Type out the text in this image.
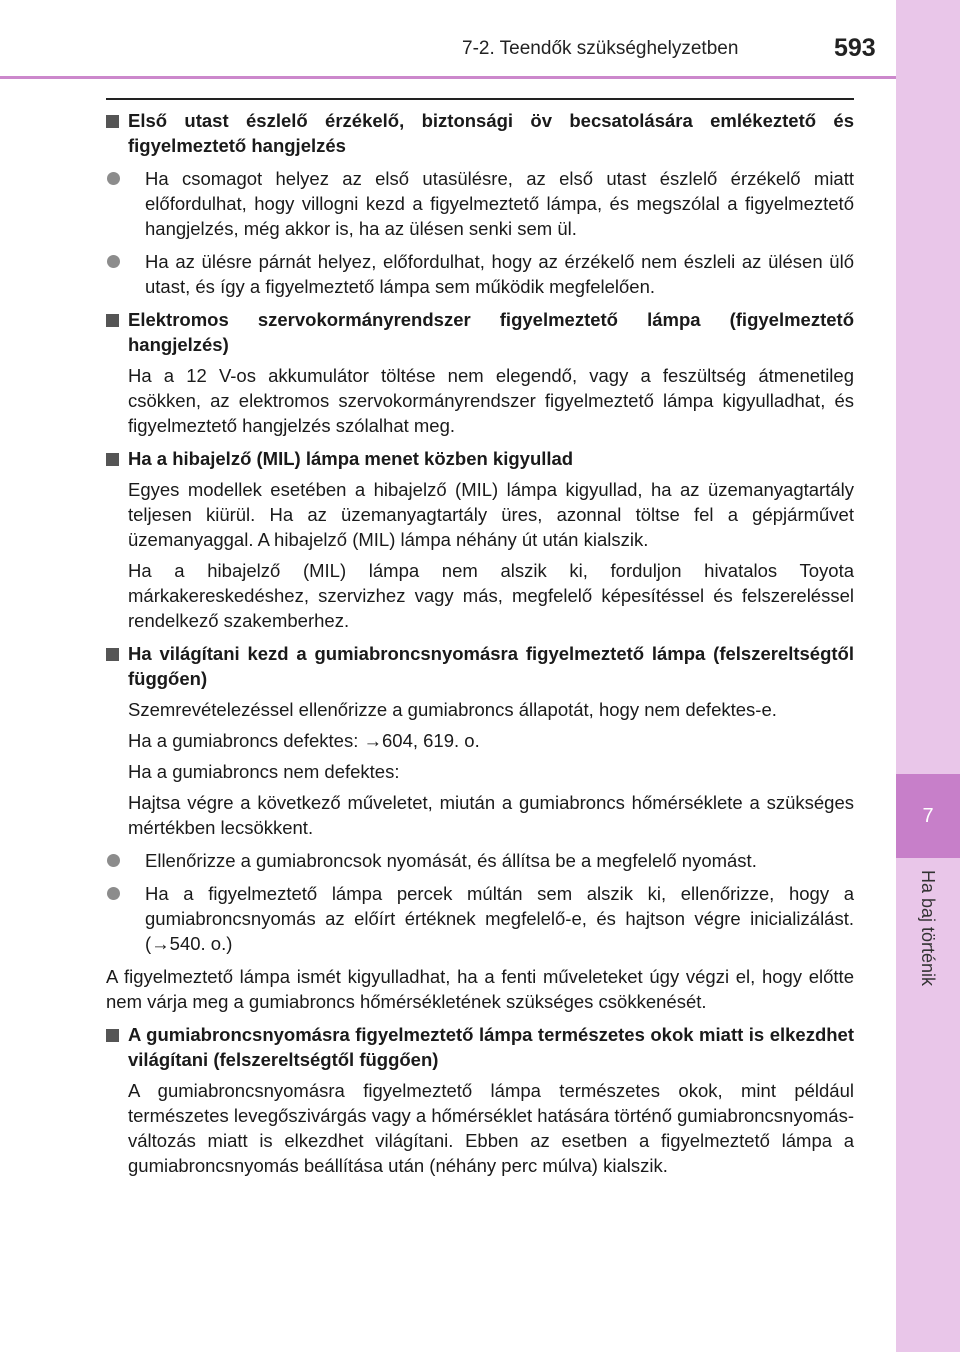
7-2. Teendők szükséghelyzetben	593
7
Ha baj történik
Első utast észlelő érzékelő, biztonsági öv becsatolására emlékeztető és figyelmeztető hangjelzés
Ha csomagot helyez az első utasülésre, az első utast észlelő érzékelő miatt előfordulhat, hogy villogni kezd a figyelmeztető lámpa, és megszólal a figyelmeztető hangjelzés, még akkor is, ha az ülésen senki sem ül.
Ha az ülésre párnát helyez, előfordulhat, hogy az érzékelő nem észleli az ülésen ülő utast, és így a figyelmeztető lámpa sem működik megfelelően.
Elektromos szervokormányrendszer figyelmeztető lámpa (figyelmeztető hangjelzés)
Ha a 12 V-os akkumulátor töltése nem elegendő, vagy a feszültség átmenetileg csökken, az elektromos szervokormányrendszer figyelmeztető lámpa kigyulladhat, és figyelmeztető hangjelzés szólalhat meg.
Ha a hibajelző (MIL) lámpa menet közben kigyullad
Egyes modellek esetében a hibajelző (MIL) lámpa kigyullad, ha az üzemanyagtartály teljesen kiürül. Ha az üzemanyagtartály üres, azonnal töltse fel a gépjárművet üzemanyaggal. A hibajelző (MIL) lámpa néhány út után kialszik.
Ha a hibajelző (MIL) lámpa nem alszik ki, forduljon hivatalos Toyota márkakereskedéshez, szervizhez vagy más, megfelelő képesítéssel és felszereléssel rendelkező szakemberhez.
Ha világítani kezd a gumiabroncsnyomásra figyelmeztető lámpa (felszereltségtől függően)
Szemrevételezéssel ellenőrizze a gumiabroncs állapotát, hogy nem defektes-e.
Ha a gumiabroncs defektes: →604, 619. o.
Ha a gumiabroncs nem defektes:
Hajtsa végre a következő műveletet, miután a gumiabroncs hőmérséklete a szükséges mértékben lecsökkent.
Ellenőrizze a gumiabroncsok nyomását, és állítsa be a megfelelő nyomást.
Ha a figyelmeztető lámpa percek múltán sem alszik ki, ellenőrizze, hogy a gumiabroncsnyomás az előírt értéknek megfelelő-e, és hajtson végre inicializálást. (→540. o.)
A figyelmeztető lámpa ismét kigyulladhat, ha a fenti műveleteket úgy végzi el, hogy előtte nem várja meg a gumiabroncs hőmérsékletének szükséges csökkenését.
A gumiabroncsnyomásra figyelmeztető lámpa természetes okok miatt is elkezdhet világítani (felszereltségtől függően)
A gumiabroncsnyomásra figyelmeztető lámpa természetes okok, mint például természetes levegőszivárgás vagy a hőmérséklet hatására történő gumiabroncsnyomás-változás miatt is elkezdhet világítani. Ebben az esetben a figyelmeztető lámpa a gumiabroncsnyomás beállítása után (néhány perc múlva) kialszik.
